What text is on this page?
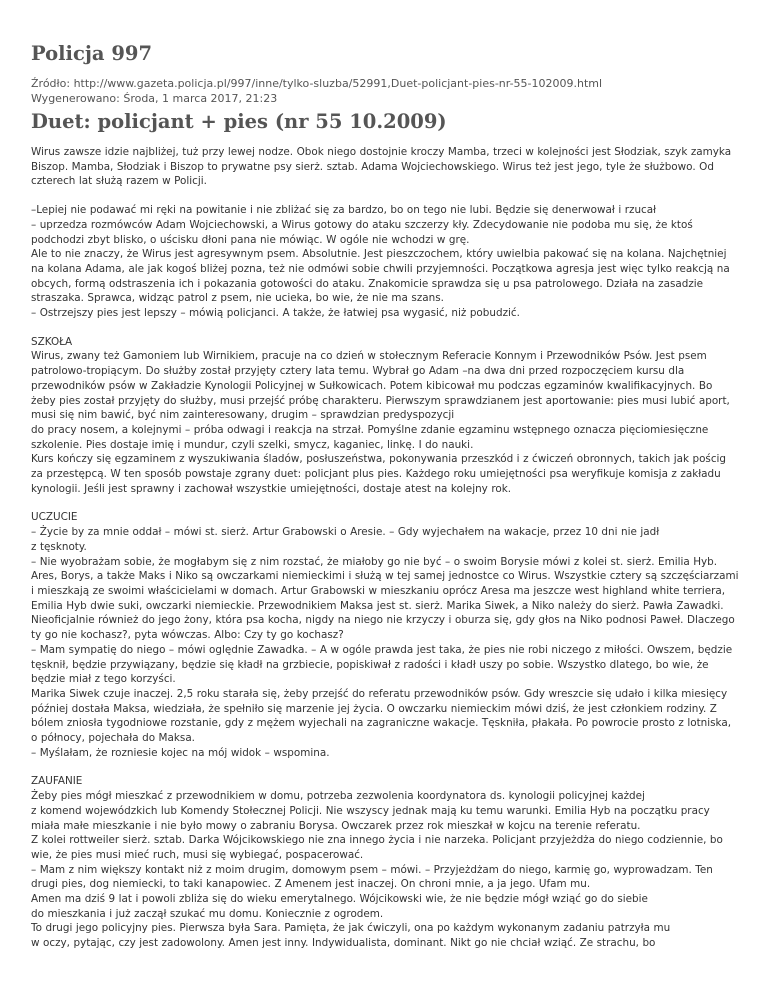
Policja 997
Źródło: http://www.gazeta.policja.pl/997/inne/tylko-sluzba/52991,Duet-policjant-pies-nr-55-102009.html
Wygenerowano: Środa, 1 marca 2017, 21:23
Duet: policjant + pies (nr 55 10.2009)
Wirus zawsze idzie najbliżej, tuż przy lewej nodze. Obok niego dostojnie kroczy Mamba, trzeci w kolejności jest Słodziak, szyk zamyka Biszop. Mamba, Słodziak i Biszop to prywatne psy sierż. sztab. Adama Wojciechowskiego. Wirus też jest jego, tyle że służbowo. Od czterech lat służą razem w Policji.
–Lepiej nie podawać mi ręki na powitanie i nie zbliżać się za bardzo, bo on tego nie lubi. Będzie się denerwował i rzucał
– uprzedza rozmówców Adam Wojciechowski, a Wirus gotowy do ataku szczerzy kły. Zdecydowanie nie podoba mu się, że ktoś podchodzi zbyt blisko, o uścisku dłoni pana nie mówiąc. W ogóle nie wchodzi w grę.
Ale to nie znaczy, że Wirus jest agresywnym psem. Absolutnie. Jest pieszczochem, który uwielbia pakować się na kolana. Najchętniej na kolana Adama, ale jak kogoś bliżej pozna, też nie odmówi sobie chwili przyjemności. Początkowa agresja jest więc tylko reakcją na obcych, formą odstraszenia ich i pokazania gotowości do ataku. Znakomicie sprawdza się u psa patrolowego. Działa na zasadzie straszaka. Sprawca, widząc patrol z psem, nie ucieka, bo wie, że nie ma szans.
– Ostrzejszy pies jest lepszy – mówią policjanci. A także, że łatwiej psa wygasić, niż pobudzić.
SZKOŁA
Wirus, zwany też Gamoniem lub Wirnikiem, pracuje na co dzień w stołecznym Referacie Konnym i Przewodników Psów. Jest psem patrolowo-tropiącym. Do służby został przyjęty cztery lata temu. Wybrał go Adam –na dwa dni przed rozpoczęciem kursu dla przewodników psów w Zakładzie Kynologii Policyjnej w Sułkowicach. Potem kibicował mu podczas egzaminów kwalifikacyjnych. Bo żeby pies został przyjęty do służby, musi przejść próbę charakteru. Pierwszym sprawdzianem jest aportowanie: pies musi lubić aport, musi się nim bawić, być nim zainteresowany, drugim – sprawdzian predyspozycji
do pracy nosem, a kolejnymi – próba odwagi i reakcja na strzał. Pomyślne zdanie egzaminu wstępnego oznacza pięciomiesięczne szkolenie. Pies dostaje imię i mundur, czyli szelki, smycz, kaganiec, linkę. I do nauki.
Kurs kończy się egzaminem z wyszukiwania śladów, posłuszeństwa, pokonywania przeszkód i z ćwiczeń obronnych, takich jak pościg za przestępcą. W ten sposób powstaje zgrany duet: policjant plus pies. Każdego roku umiejętności psa weryfikuje komisja z zakładu kynologii. Jeśli jest sprawny i zachował wszystkie umiejętności, dostaje atest na kolejny rok.
UCZUCIE
– Życie by za mnie oddał – mówi st. sierż. Artur Grabowski o Aresie. – Gdy wyjechałem na wakacje, przez 10 dni nie jadł
z tęsknoty.
– Nie wyobrażam sobie, że mogłabym się z nim rozstać, że miałoby go nie być – o swoim Borysie mówi z kolei st. sierż. Emilia Hyb.
Ares, Borys, a także Maks i Niko są owczarkami niemieckimi i służą w tej samej jednostce co Wirus. Wszystkie cztery są szczęściarzami i mieszkają ze swoimi właścicielami w domach. Artur Grabowski w mieszkaniu oprócz Aresa ma jeszcze west highland white terriera, Emilia Hyb dwie suki, owczarki niemieckie. Przewodnikiem Maksa jest st. sierż. Marika Siwek, a Niko należy do sierż. Pawła Zawadki. Nieoficjalnie również do jego żony, która psa kocha, nigdy na niego nie krzyczy i oburza się, gdy głos na Niko podnosi Paweł. Dlaczego ty go nie kochasz?, pyta wówczas. Albo: Czy ty go kochasz?
– Mam sympatię do niego – mówi oględnie Zawadka. – A w ogóle prawda jest taka, że pies nie robi niczego z miłości. Owszem, będzie tęsknił, będzie przywiązany, będzie się kładł na grzbiecie, popiskiwał z radości i kładł uszy po sobie. Wszystko dlatego, bo wie, że będzie miał z tego korzyści.
Marika Siwek czuje inaczej. 2,5 roku starała się, żeby przejść do referatu przewodników psów. Gdy wreszcie się udało i kilka miesięcy później dostała Maksa, wiedziała, że spełniło się marzenie jej życia. O owczarku niemieckim mówi dziś, że jest członkiem rodziny. Z bólem zniosła tygodniowe rozstanie, gdy z mężem wyjechali na zagraniczne wakacje. Tęskniła, płakała. Po powrocie prosto z lotniska, o północy, pojechała do Maksa.
– Myślałam, że rozniesie kojec na mój widok – wspomina.
ZAUFANIE
Żeby pies mógł mieszkać z przewodnikiem w domu, potrzeba zezwolenia koordynatora ds. kynologii policyjnej każdej
z komend wojewódzkich lub Komendy Stołecznej Policji. Nie wszyscy jednak mają ku temu warunki. Emilia Hyb na początku pracy miała małe mieszkanie i nie było mowy o zabraniu Borysa. Owczarek przez rok mieszkał w kojcu na terenie referatu.
Z kolei rottweiler sierż. sztab. Darka Wójcikowskiego nie zna innego życia i nie narzeka. Policjant przyjeżdża do niego codziennie, bo wie, że pies musi mieć ruch, musi się wybiegać, pospacerować.
– Mam z nim większy kontakt niż z moim drugim, domowym psem – mówi. – Przyjeżdżam do niego, karmię go, wyprowadzam. Ten drugi pies, dog niemiecki, to taki kanapowiec. Z Amenem jest inaczej. On chroni mnie, a ja jego. Ufam mu.
Amen ma dziś 9 lat i powoli zbliża się do wieku emerytalnego. Wójcikowski wie, że nie będzie mógł wziąć go do siebie
do mieszkania i już zaczął szukać mu domu. Koniecznie z ogrodem.
To drugi jego policyjny pies. Pierwsza była Sara. Pamięta, że jak ćwiczyli, ona po każdym wykonanym zadaniu patrzyła mu
w oczy, pytając, czy jest zadowolony. Amen jest inny. Indywidualista, dominant. Nikt go nie chciał wziąć. Ze strachu, bo
